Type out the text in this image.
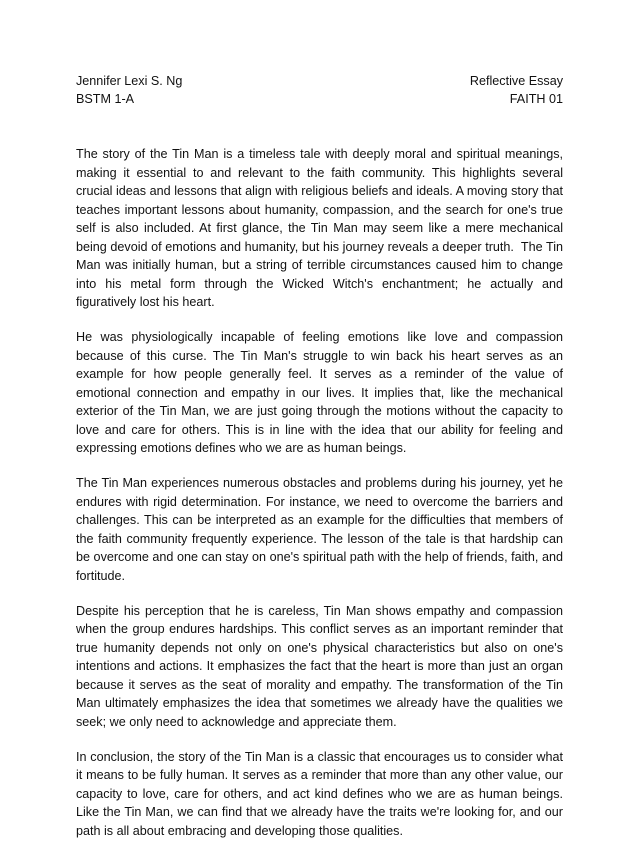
Jennifer Lexi S. Ng
BSTM 1-A
Reflective Essay
FAITH 01

The story of the Tin Man is a timeless tale with deeply moral and spiritual meanings, making it essential to and relevant to the faith community. This highlights several crucial ideas and lessons that align with religious beliefs and ideals. A moving story that teaches important lessons about humanity, compassion, and the search for one's true self is also included. At first glance, the Tin Man may seem like a mere mechanical being devoid of emotions and humanity, but his journey reveals a deeper truth.  The Tin Man was initially human, but a string of terrible circumstances caused him to change into his metal form through the Wicked Witch's enchantment; he actually and figuratively lost his heart.

He was physiologically incapable of feeling emotions like love and compassion because of this curse. The Tin Man's struggle to win back his heart serves as an example for how people generally feel. It serves as a reminder of the value of emotional connection and empathy in our lives. It implies that, like the mechanical exterior of the Tin Man, we are just going through the motions without the capacity to love and care for others. This is in line with the idea that our ability for feeling and expressing emotions defines who we are as human beings.

The Tin Man experiences numerous obstacles and problems during his journey, yet he endures with rigid determination. For instance, we need to overcome the barriers and challenges. This can be interpreted as an example for the difficulties that members of the faith community frequently experience. The lesson of the tale is that hardship can be overcome and one can stay on one's spiritual path with the help of friends, faith, and fortitude.

Despite his perception that he is careless, Tin Man shows empathy and compassion when the group endures hardships. This conflict serves as an important reminder that true humanity depends not only on one's physical characteristics but also on one's intentions and actions. It emphasizes the fact that the heart is more than just an organ because it serves as the seat of morality and empathy. The transformation of the Tin Man ultimately emphasizes the idea that sometimes we already have the qualities we seek; we only need to acknowledge and appreciate them.

In conclusion, the story of the Tin Man is a classic that encourages us to consider what it means to be fully human. It serves as a reminder that more than any other value, our capacity to love, care for others, and act kind defines who we are as human beings. Like the Tin Man, we can find that we already have the traits we're looking for, and our path is all about embracing and developing those qualities.
